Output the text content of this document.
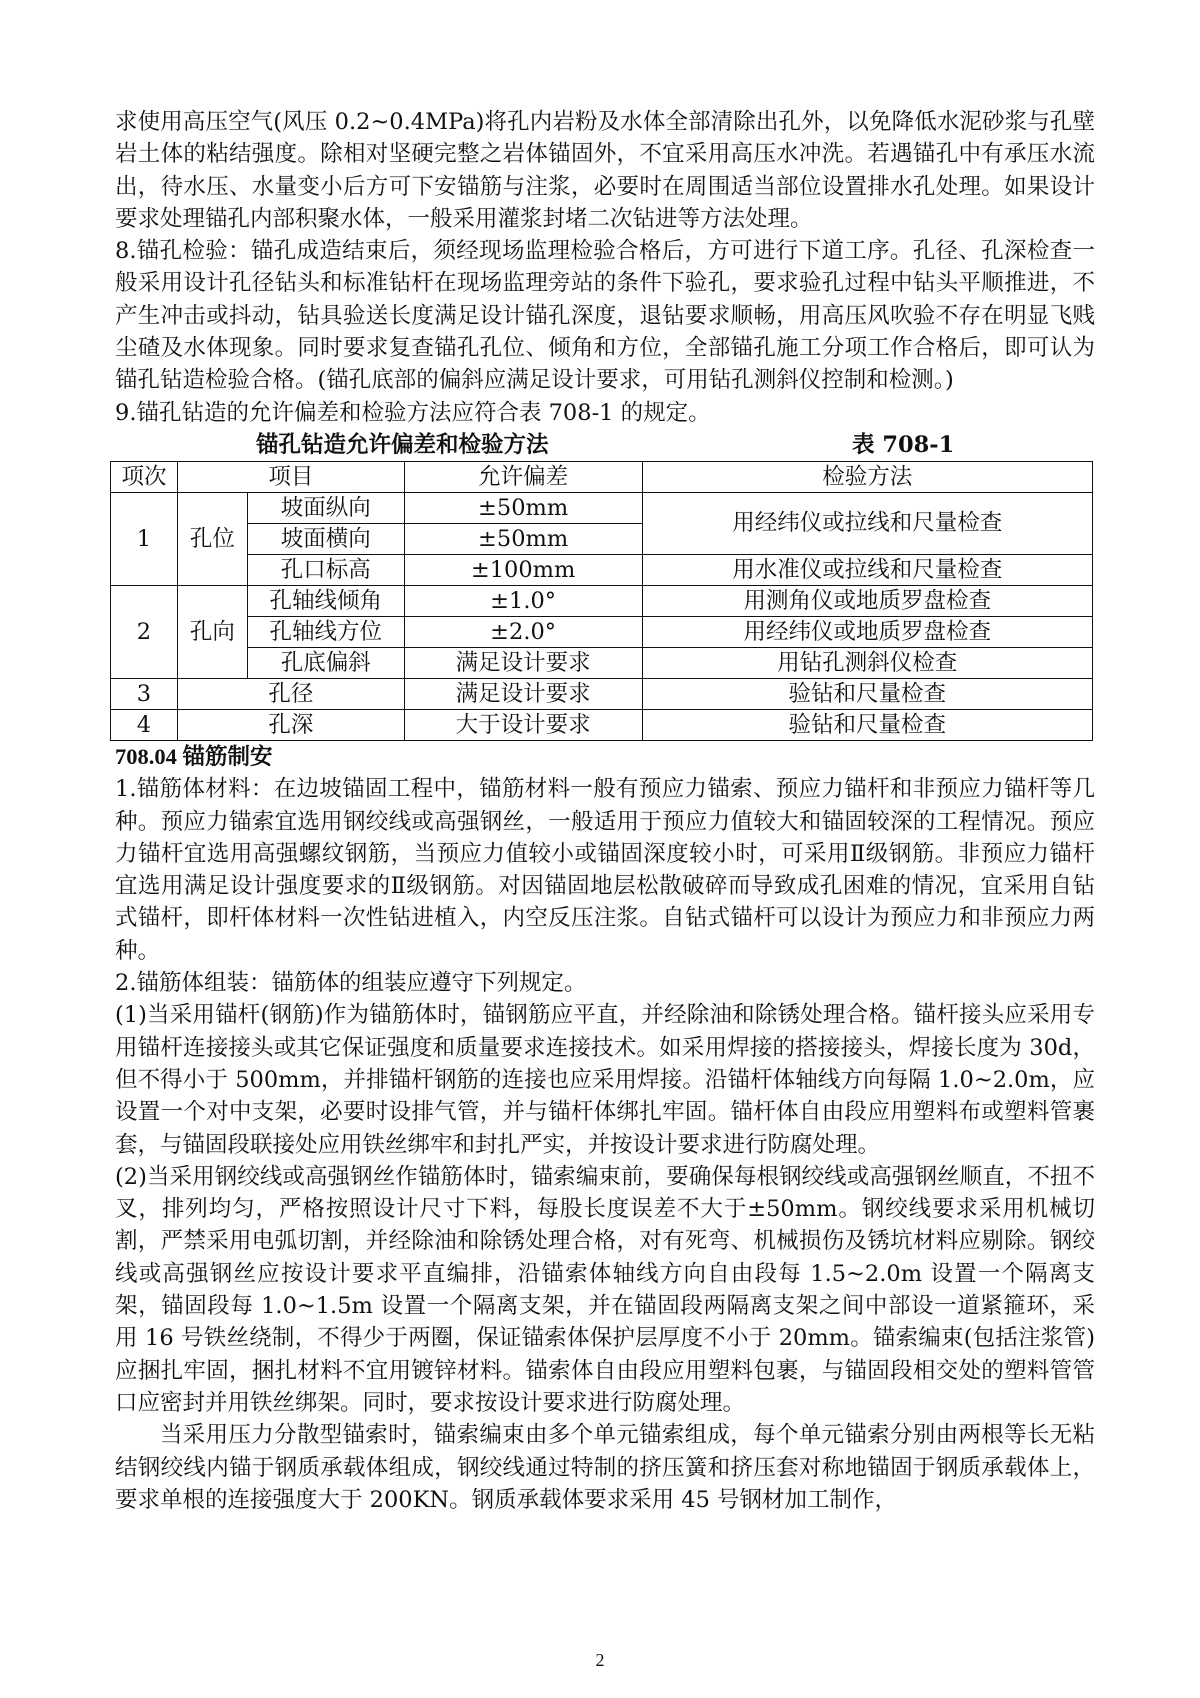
求使用高压空气(风压 0.2~0.4MPa)将孔内岩粉及水体全部清除出孔外，以免降低水泥砂浆与孔壁岩土体的粘结强度。除相对坚硬完整之岩体锚固外，不宜采用高压水冲洗。若遇锚孔中有承压水流出，待水压、水量变小后方可下安锚筋与注浆，必要时在周围适当部位设置排水孔处理。如果设计要求处理锚孔内部积聚水体，一般采用灌浆封堵二次钻进等方法处理。

8.锚孔检验：锚孔成造结束后，须经现场监理检验合格后，方可进行下道工序。孔径、孔深检查一般采用设计孔径钻头和标准钻杆在现场监理旁站的条件下验孔，要求验孔过程中钻头平顺推进，不产生冲击或抖动，钻具验送长度满足设计锚孔深度，退钻要求顺畅，用高压风吹验不存在明显飞贱尘碴及水体现象。同时要求复查锚孔孔位、倾角和方位，全部锚孔施工分项工作合格后，即可认为锚孔钻造检验合格。(锚孔底部的偏斜应满足设计要求，可用钻孔测斜仪控制和检测。)

9.锚孔钻造的允许偏差和检验方法应符合表 708-1 的规定。

锚孔钻造允许偏差和检验方法	表 708-1
项次	项目		允许偏差	检验方法
1	孔位	坡面纵向	±50mm	用经纬仪或拉线和尺量检查
		坡面横向	±50mm	
		孔口标高	±100mm	用水准仪或拉线和尺量检查
2	孔向	孔轴线倾角	±1.0°	用测角仪或地质罗盘检查
		孔轴线方位	±2.0°	用经纬仪或地质罗盘检查
		孔底偏斜	满足设计要求	用钻孔测斜仪检查
3	孔径		满足设计要求	验钻和尺量检查
4	孔深		大于设计要求	验钻和尺量检查

708.04 锚筋制安

1.锚筋体材料：在边坡锚固工程中，锚筋材料一般有预应力锚索、预应力锚杆和非预应力锚杆等几种。预应力锚索宜选用钢绞线或高强钢丝，一般适用于预应力值较大和锚固较深的工程情况。预应力锚杆宜选用高强螺纹钢筋，当预应力值较小或锚固深度较小时，可采用Ⅱ级钢筋。非预应力锚杆宜选用满足设计强度要求的Ⅱ级钢筋。对因锚固地层松散破碎而导致成孔困难的情况，宜采用自钻式锚杆，即杆体材料一次性钻进植入，内空反压注浆。自钻式锚杆可以设计为预应力和非预应力两种。

2.锚筋体组装：锚筋体的组装应遵守下列规定。

(1)当采用锚杆(钢筋)作为锚筋体时，锚钢筋应平直，并经除油和除锈处理合格。锚杆接头应采用专用锚杆连接接头或其它保证强度和质量要求连接技术。如采用焊接的搭接接头，焊接长度为 30d，但不得小于 500mm，并排锚杆钢筋的连接也应采用焊接。沿锚杆体轴线方向每隔 1.0~2.0m，应设置一个对中支架，必要时设排气管，并与锚杆体绑扎牢固。锚杆体自由段应用塑料布或塑料管裹套，与锚固段联接处应用铁丝绑牢和封扎严实，并按设计要求进行防腐处理。

(2)当采用钢绞线或高强钢丝作锚筋体时，锚索编束前，要确保每根钢绞线或高强钢丝顺直，不扭不叉，排列均匀，严格按照设计尺寸下料，每股长度误差不大于±50mm。钢绞线要求采用机械切割，严禁采用电弧切割，并经除油和除锈处理合格，对有死弯、机械损伤及锈坑材料应剔除。钢绞线或高强钢丝应按设计要求平直编排，沿锚索体轴线方向自由段每 1.5~2.0m 设置一个隔离支架，锚固段每 1.0~1.5m 设置一个隔离支架，并在锚固段两隔离支架之间中部设一道紧箍环，采用 16 号铁丝绕制，不得少于两圈，保证锚索体保护层厚度不小于 20mm。锚索编束(包括注浆管)应捆扎牢固，捆扎材料不宜用镀锌材料。锚索体自由段应用塑料包裹，与锚固段相交处的塑料管管口应密封并用铁丝绑架。同时，要求按设计要求进行防腐处理。

当采用压力分散型锚索时，锚索编束由多个单元锚索组成，每个单元锚索分别由两根等长无粘结钢绞线内锚于钢质承载体组成，钢绞线通过特制的挤压簧和挤压套对称地锚固于钢质承载体上，要求单根的连接强度大于 200KN。钢质承载体要求采用 45 号钢材加工制作，

2
